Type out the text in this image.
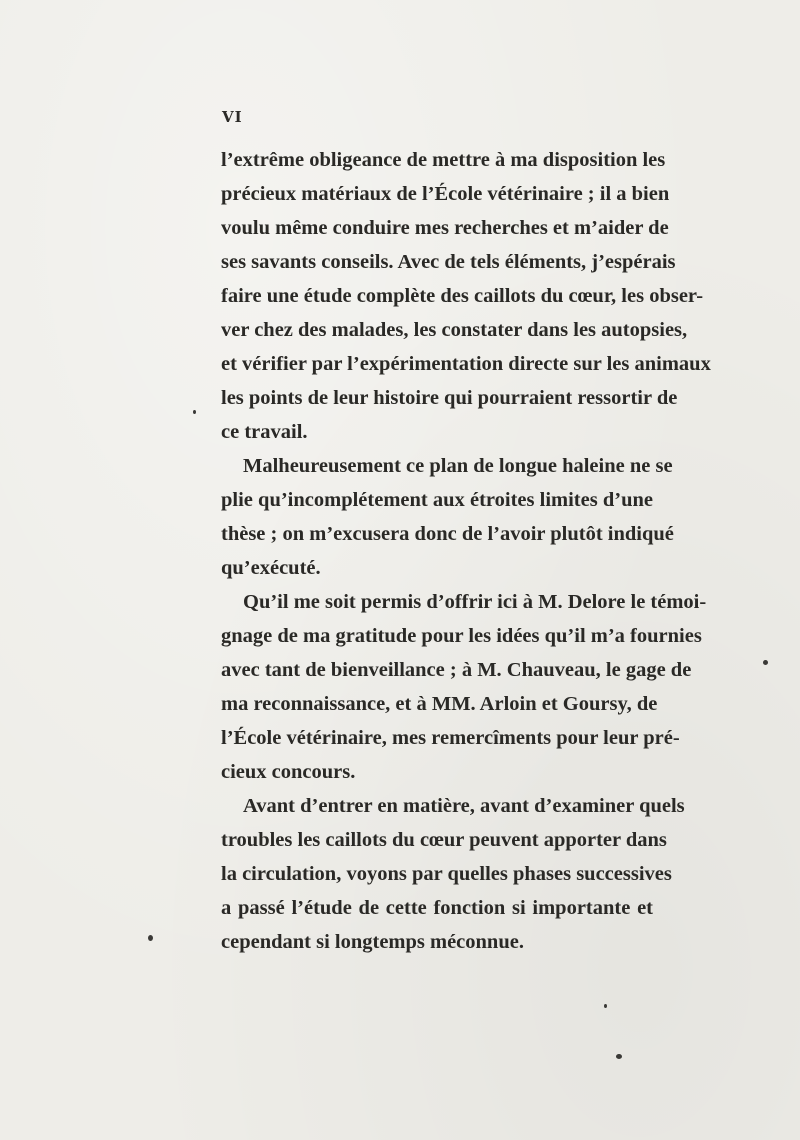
VI
l’extrême obligeance de mettre à ma disposition les
précieux matériaux de l’École vétérinaire ; il a bien
voulu même conduire mes recherches et m’aider de
ses savants conseils. Avec de tels éléments, j’espérais
faire une étude complète des caillots du cœur, les obser-
ver chez des malades, les constater dans les autopsies,
et vérifier par l’expérimentation directe sur les animaux
les points de leur histoire qui pourraient ressortir de
ce travail.
Malheureusement ce plan de longue haleine ne se
plie qu’incomplétement aux étroites limites d’une
thèse ; on m’excusera donc de l’avoir plutôt indiqué
qu’exécuté.
Qu’il me soit permis d’offrir ici à M. Delore le témoi-
gnage de ma gratitude pour les idées qu’il m’a fournies
avec tant de bienveillance ; à M. Chauveau, le gage de
ma reconnaissance, et à MM. Arloin et Goursy, de
l’École vétérinaire, mes remercîments pour leur pré-
cieux concours.
Avant d’entrer en matière, avant d’examiner quels
troubles les caillots du cœur peuvent apporter dans
la circulation, voyons par quelles phases successives
a passé l’étude de cette fonction si importante et
cependant si longtemps méconnue.
